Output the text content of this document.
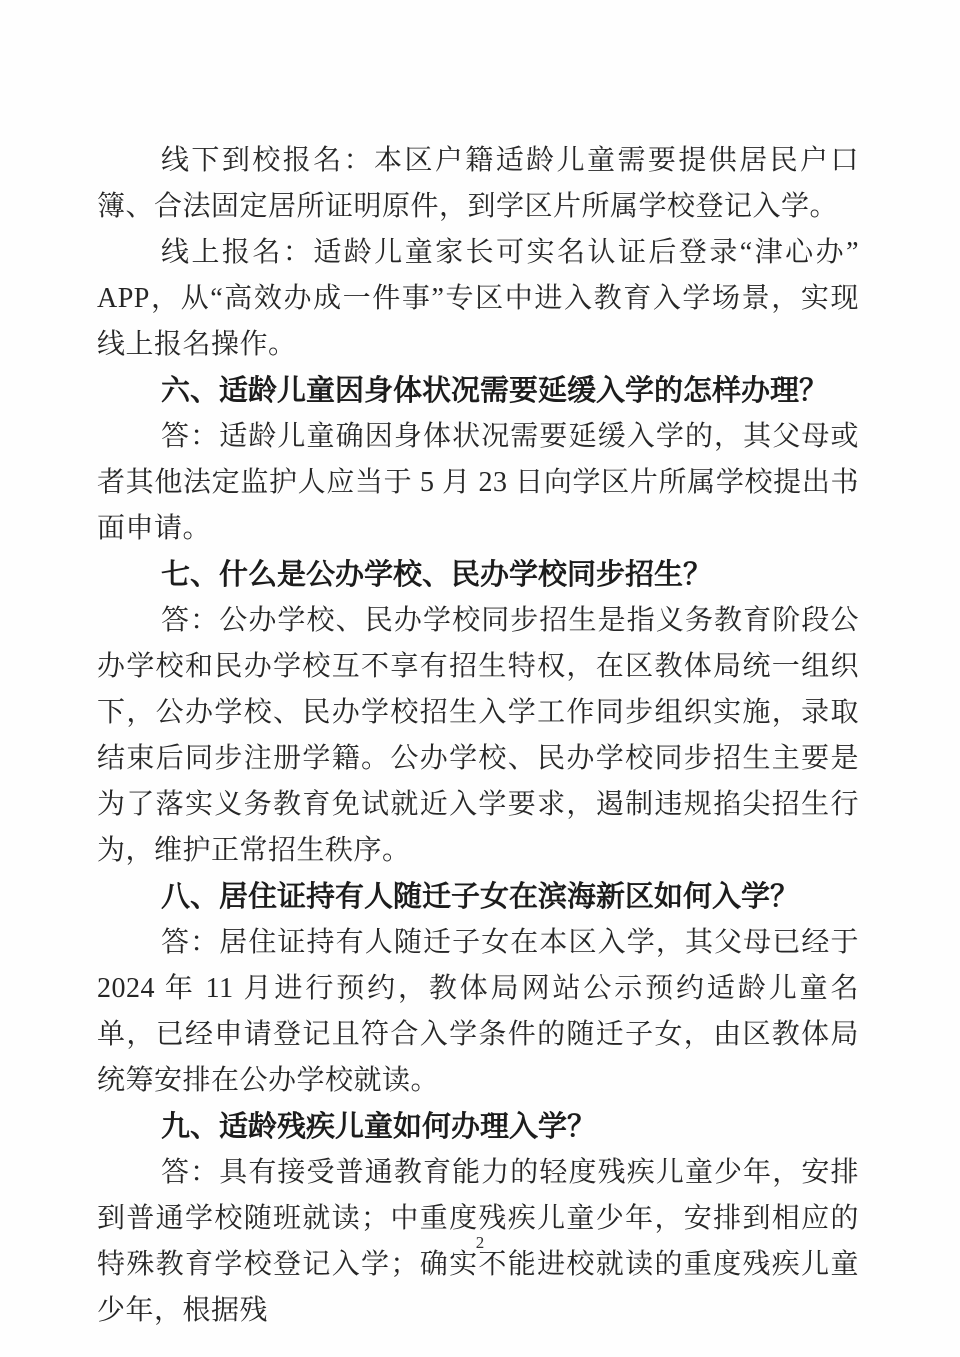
线下到校报名：本区户籍适龄儿童需要提供居民户口簿、合法固定居所证明原件，到学区片所属学校登记入学。

线上报名：适龄儿童家长可实名认证后登录“津心办”APP，从“高效办成一件事”专区中进入教育入学场景，实现线上报名操作。

六、适龄儿童因身体状况需要延缓入学的怎样办理？

答：适龄儿童确因身体状况需要延缓入学的，其父母或者其他法定监护人应当于 5 月 23 日向学区片所属学校提出书面申请。

七、什么是公办学校、民办学校同步招生？

答：公办学校、民办学校同步招生是指义务教育阶段公办学校和民办学校互不享有招生特权，在区教体局统一组织下，公办学校、民办学校招生入学工作同步组织实施，录取结束后同步注册学籍。公办学校、民办学校同步招生主要是为了落实义务教育免试就近入学要求，遏制违规掐尖招生行为，维护正常招生秩序。

八、居住证持有人随迁子女在滨海新区如何入学？

答：居住证持有人随迁子女在本区入学，其父母已经于 2024 年 11 月进行预约，教体局网站公示预约适龄儿童名单，已经申请登记且符合入学条件的随迁子女，由区教体局统筹安排在公办学校就读。

九、适龄残疾儿童如何办理入学？

答：具有接受普通教育能力的轻度残疾儿童少年，安排到普通学校随班就读；中重度残疾儿童少年，安排到相应的特殊教育学校登记入学；确实不能进校就读的重度残疾儿童少年，根据残

2
